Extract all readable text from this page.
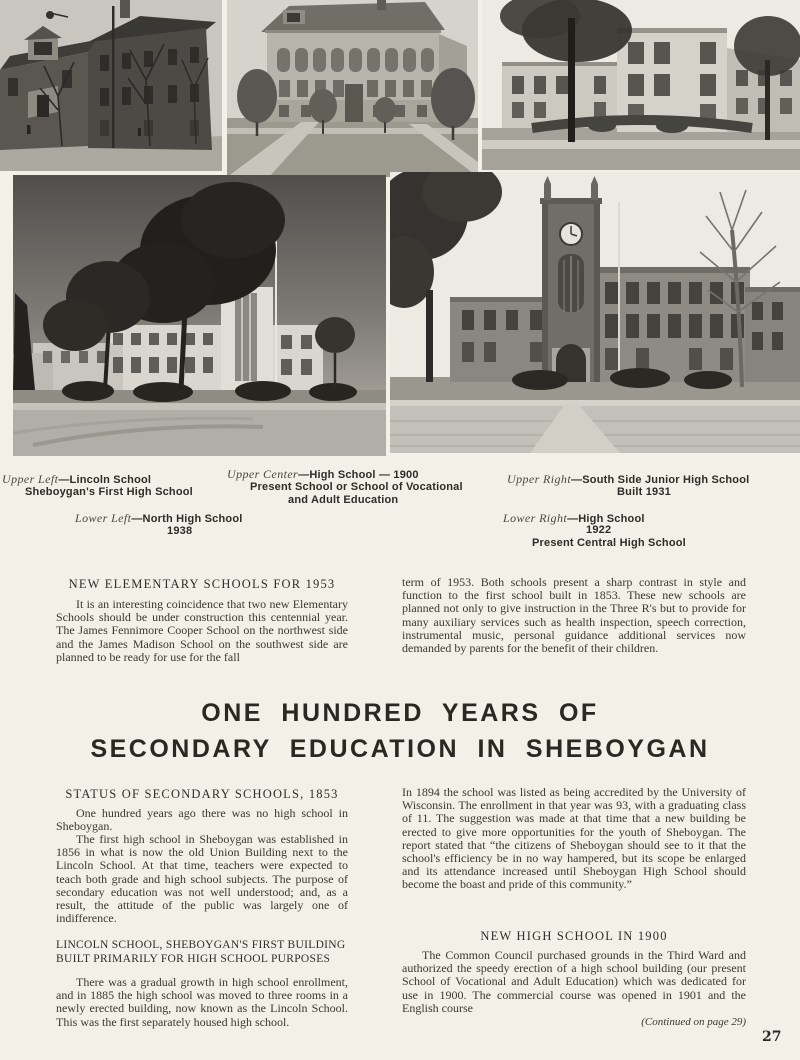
Upper Left—Lincoln School
Sheboygan's First High School
Upper Center—High School — 1900
Present School or School of Vocational
and Adult Education
Upper Right—South Side Junior High School
Built 1931
Lower Left—North High School
1938
Lower Right—High School
1922
Present Central High School
NEW ELEMENTARY SCHOOLS FOR 1953
It is an interesting coincidence that two new Elementary Schools should be under construction this centennial year. The James Fennimore Cooper School on the northwest side and the James Madison School on the southwest side are planned to be ready for use for the fall
term of 1953. Both schools present a sharp contrast in style and function to the first school built in 1853. These new schools are planned not only to give instruction in the Three R's but to provide for many auxiliary services such as health inspection, speech correction, instrumental music, personal guidance additional services now demanded by parents for the benefit of their children.
ONE HUNDRED YEARS OF
SECONDARY EDUCATION IN SHEBOYGAN
STATUS OF SECONDARY SCHOOLS, 1853
One hundred years ago there was no high school in Sheboygan.
The first high school in Sheboygan was established in 1856 in what is now the old Union Building next to the Lincoln School. At that time, teachers were expected to teach both grade and high school subjects. The purpose of secondary education was not well understood; and, as a result, the attitude of the public was largely one of indifference.
LINCOLN SCHOOL, SHEBOYGAN'S FIRST BUILDING
BUILT PRIMARILY FOR HIGH SCHOOL PURPOSES
There was a gradual growth in high school enrollment, and in 1885 the high school was moved to three rooms in a newly erected building, now known as the Lincoln School. This was the first separately housed high school.
In 1894 the school was listed as being accredited by the University of Wisconsin. The enrollment in that year was 93, with a graduating class of 11. The suggestion was made at that time that a new building be erected to give more opportunities for the youth of Sheboygan. The report stated that “the citizens of Sheboygan should see to it that the school's efficiency be in no way hampered, but its scope be enlarged and its attendance increased until Sheboygan High School should become the boast and pride of this community.”
NEW HIGH SCHOOL IN 1900
The Common Council purchased grounds in the Third Ward and authorized the speedy erection of a high school building (our present School of Vocational and Adult Education) which was dedicated for use in 1900. The commercial course was opened in 1901 and the English course
(Continued on page 29)
27
